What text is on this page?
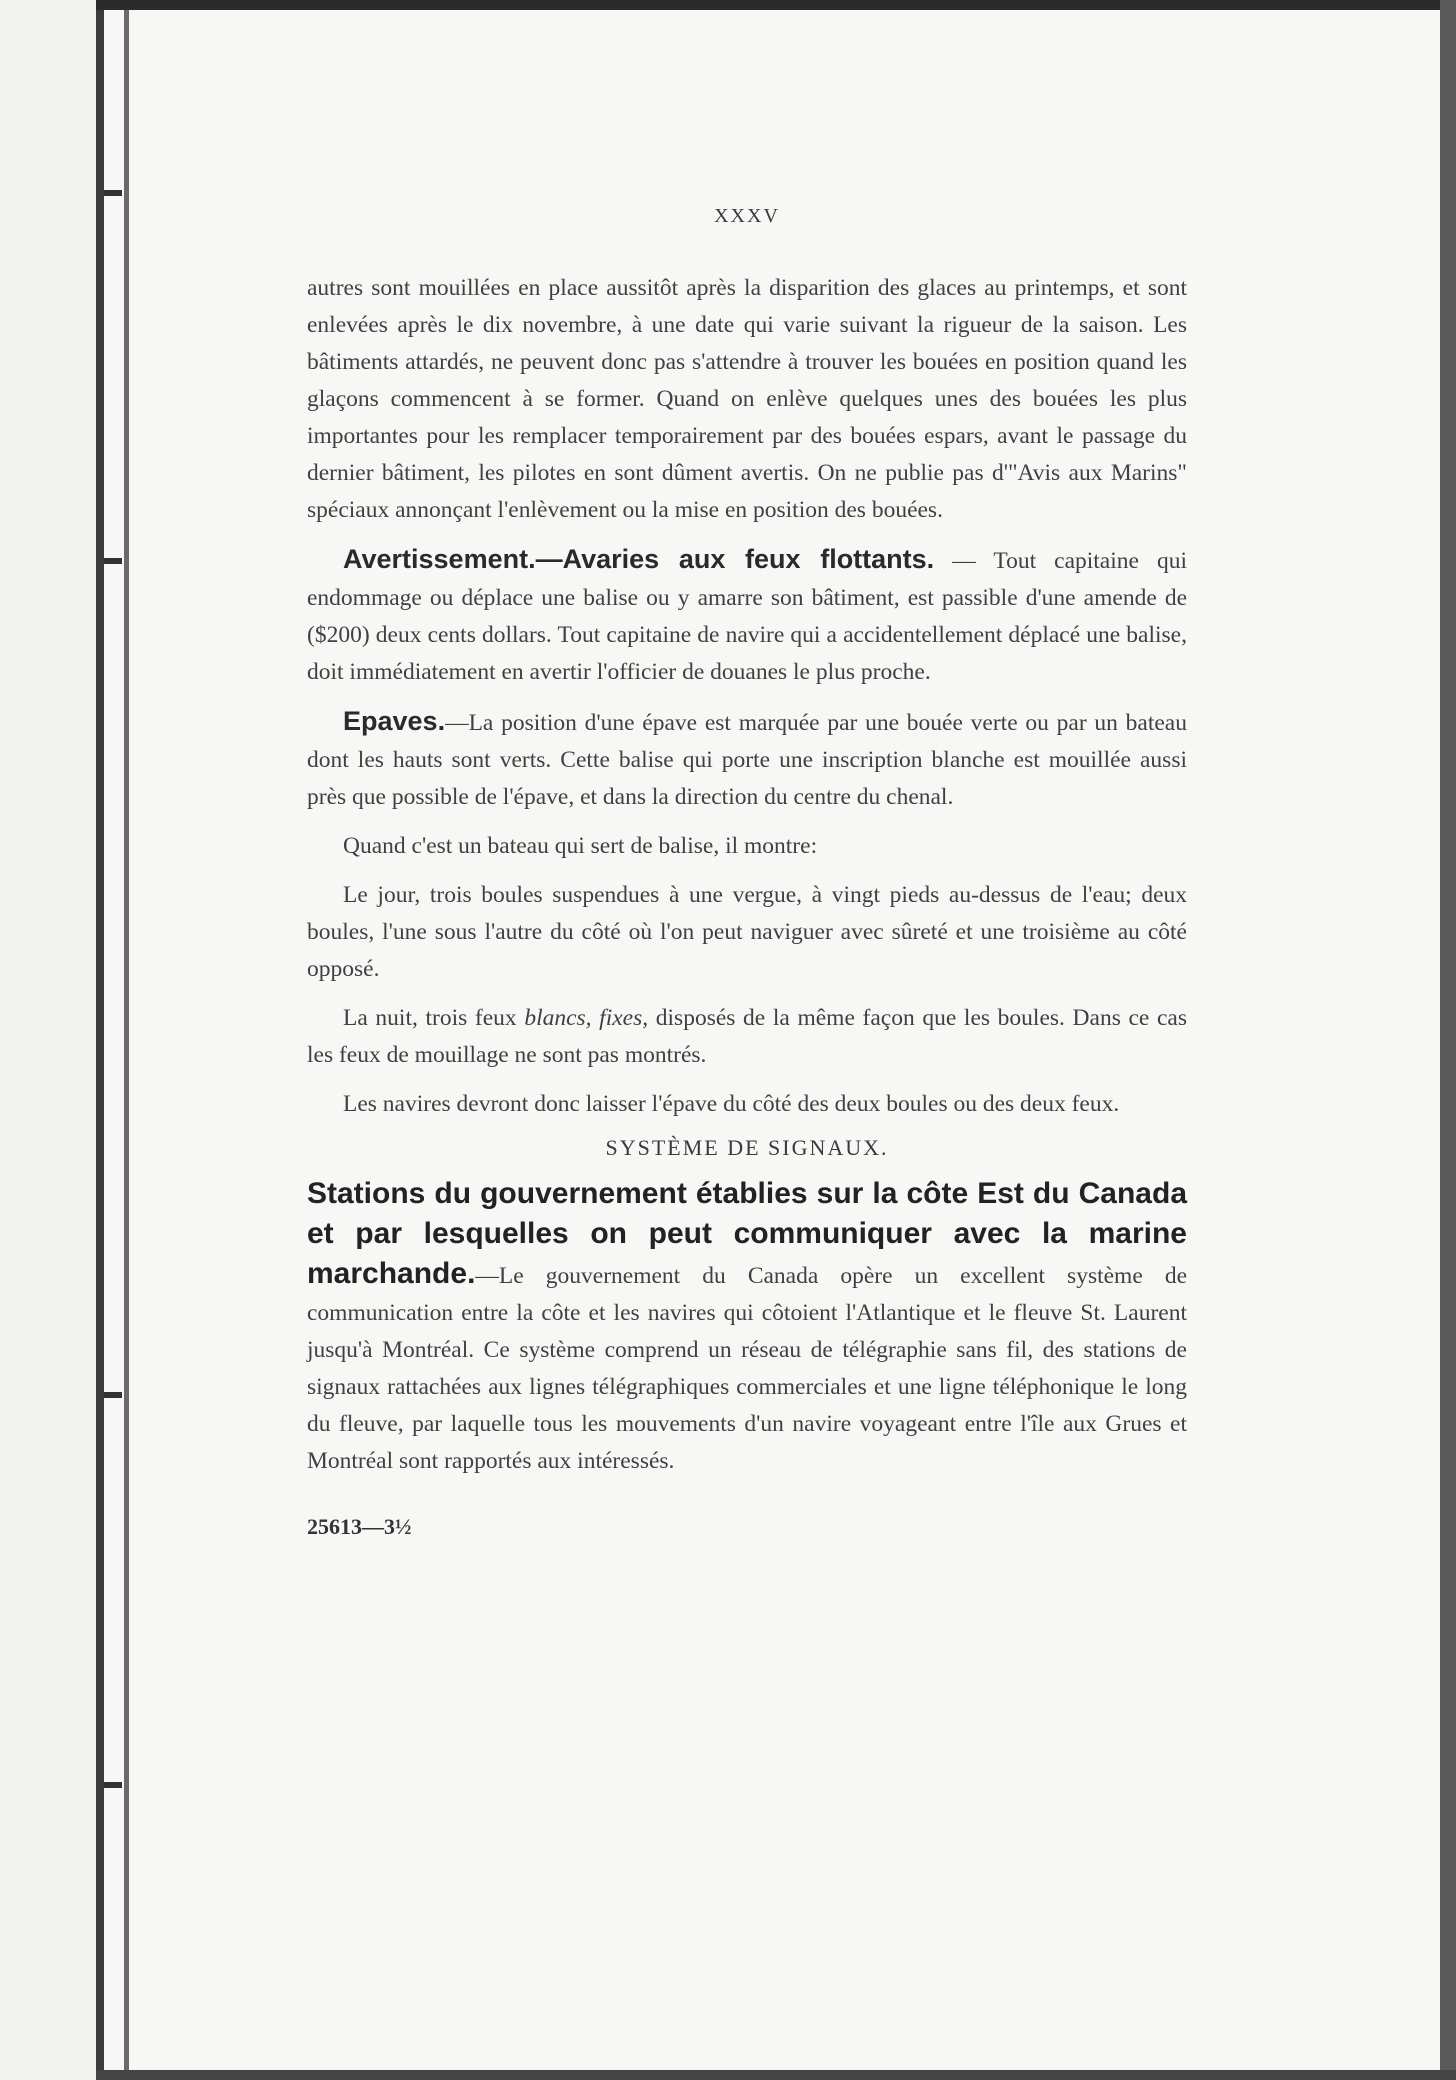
XXXV

autres sont mouillées en place aussitôt après la disparition des glaces au printemps, et sont enlevées après le dix novembre, à une date qui varie suivant la rigueur de la saison. Les bâtiments attardés, ne peuvent donc pas s'attendre à trouver les bouées en position quand les glaçons commencent à se former. Quand on enlève quelques unes des bouées les plus importantes pour les remplacer temporairement par des bouées espars, avant le passage du dernier bâtiment, les pilotes en sont dûment avertis. On ne publie pas d'"Avis aux Marins" spéciaux annonçant l'enlèvement ou la mise en position des bouées.

Avertissement.—Avaries aux feux flottants. — Tout capitaine qui endommage ou déplace une balise ou y amarre son bâtiment, est passible d'une amende de ($200) deux cents dollars. Tout capitaine de navire qui a accidentellement déplacé une balise, doit immédiatement en avertir l'officier de douanes le plus proche.

Epaves.—La position d'une épave est marquée par une bouée verte ou par un bateau dont les hauts sont verts. Cette balise qui porte une inscription blanche est mouillée aussi près que possible de l'épave, et dans la direction du centre du chenal.

Quand c'est un bateau qui sert de balise, il montre:

Le jour, trois boules suspendues à une vergue, à vingt pieds au-dessus de l'eau; deux boules, l'une sous l'autre du côté où l'on peut naviguer avec sûreté et une troisième au côté opposé.

La nuit, trois feux blancs, fixes, disposés de la même façon que les boules. Dans ce cas les feux de mouillage ne sont pas montrés.

Les navires devront donc laisser l'épave du côté des deux boules ou des deux feux.

SYSTÈME DE SIGNAUX.

Stations du gouvernement établies sur la côte Est du Canada et par lesquelles on peut communiquer avec la marine marchande.—Le gouvernement du Canada opère un excellent système de communication entre la côte et les navires qui côtoient l'Atlantique et le fleuve St. Laurent jusqu'à Montréal. Ce système comprend un réseau de télégraphie sans fil, des stations de signaux rattachées aux lignes télégraphiques commerciales et une ligne téléphonique le long du fleuve, par laquelle tous les mouvements d'un navire voyageant entre l'île aux Grues et Montréal sont rapportés aux intéressés.

25613—3½
